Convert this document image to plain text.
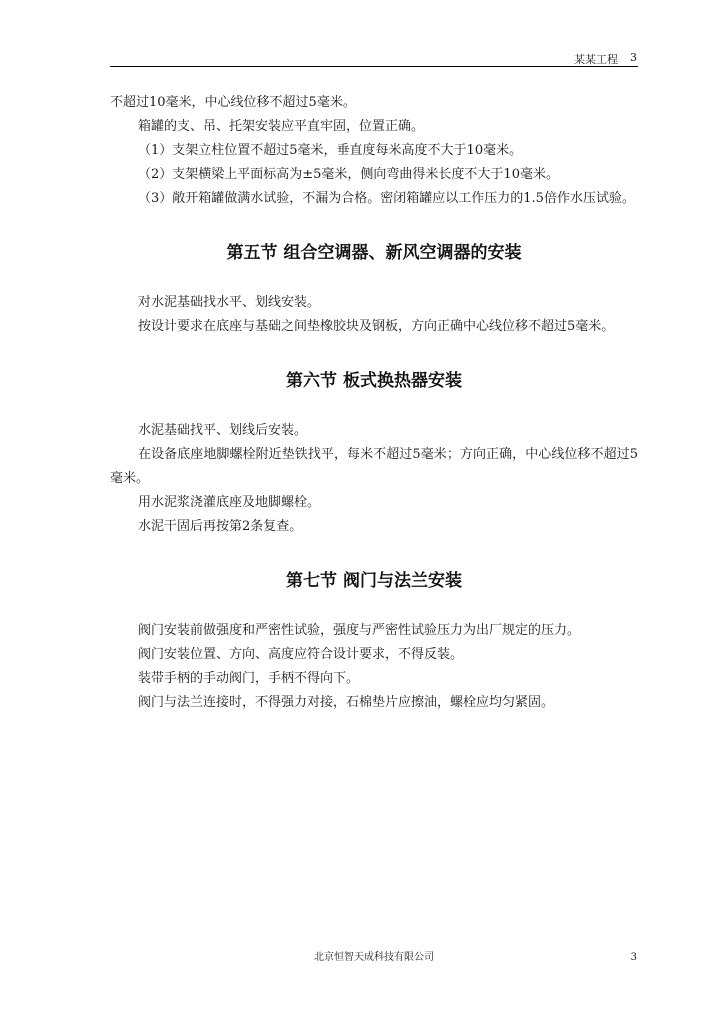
某某工程 3

不超过10毫米，中心线位移不超过5毫米。

箱罐的支、吊、托架安装应平直牢固，位置正确。

（1）支架立柱位置不超过5毫米，垂直度每米高度不大于10毫米。

（2）支架横梁上平面标高为±5毫米，侧向弯曲得米长度不大于10毫米。

（3）敞开箱罐做满水试验，不漏为合格。密闭箱罐应以工作压力的1.5倍作水压试验。

第五节 组合空调器、新风空调器的安装

对水泥基础找水平、划线安装。

按设计要求在底座与基础之间垫橡胶块及钢板，方向正确中心线位移不超过5毫米。

第六节 板式换热器安装

水泥基础找平、划线后安装。

在设备底座地脚螺栓附近垫铁找平，每米不超过5毫米；方向正确，中心线位移不超过5毫米。

用水泥浆浇灌底座及地脚螺栓。

水泥干固后再按第2条复查。

第七节 阀门与法兰安装

阀门安装前做强度和严密性试验，强度与严密性试验压力为出厂规定的压力。

阀门安装位置、方向、高度应符合设计要求，不得反装。

装带手柄的手动阀门，手柄不得向下。

阀门与法兰连接时，不得强力对接，石棉垫片应擦油，螺栓应均匀紧固。

北京恒智天成科技有限公司	3
